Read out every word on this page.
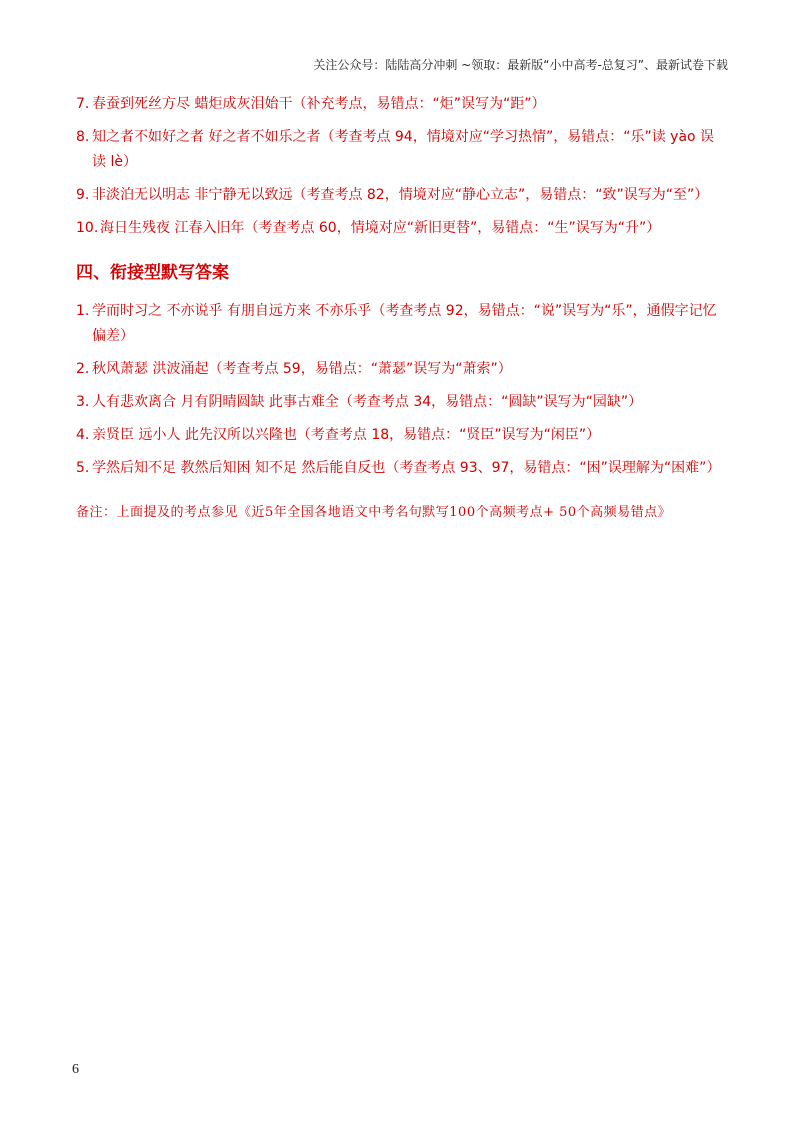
关注公众号：陆陆高分冲刺 ~领取：最新版“小中高考-总复习”、最新试卷下载
7. 春蚕到死丝方尽 蜡炬成灰泪始干（补充考点，易错点：“炬”误写为“距”）
8. 知之者不如好之者 好之者不如乐之者（考查考点 94，情境对应“学习热情”，易错点：“乐”读 yào 误读 lè）
9. 非淡泊无以明志 非宁静无以致远（考查考点 82，情境对应“静心立志”，易错点：“致”误写为“至”）
10. 海日生残夜 江春入旧年（考查考点 60，情境对应“新旧更替”，易错点：“生”误写为“升”）
四、衔接型默写答案
1. 学而时习之 不亦说乎 有朋自远方来 不亦乐乎（考查考点 92，易错点：“说”误写为“乐”，通假字记忆偏差）
2. 秋风萧瑟 洪波涌起（考查考点 59，易错点：“萧瑟”误写为“萧索”）
3. 人有悲欢离合 月有阴晴圆缺 此事古难全（考查考点 34，易错点：“圆缺”误写为“园缺”）
4. 亲贤臣 远小人 此先汉所以兴隆也（考查考点 18，易错点：“贤臣”误写为“闲臣”）
5. 学然后知不足 教然后知困 知不足 然后能自反也（考查考点 93、97，易错点：“困”误理解为“困难”）
备注：上面提及的考点参见《近5年全国各地语文中考名句默写100个高频考点+ 50个高频易错点》
6
